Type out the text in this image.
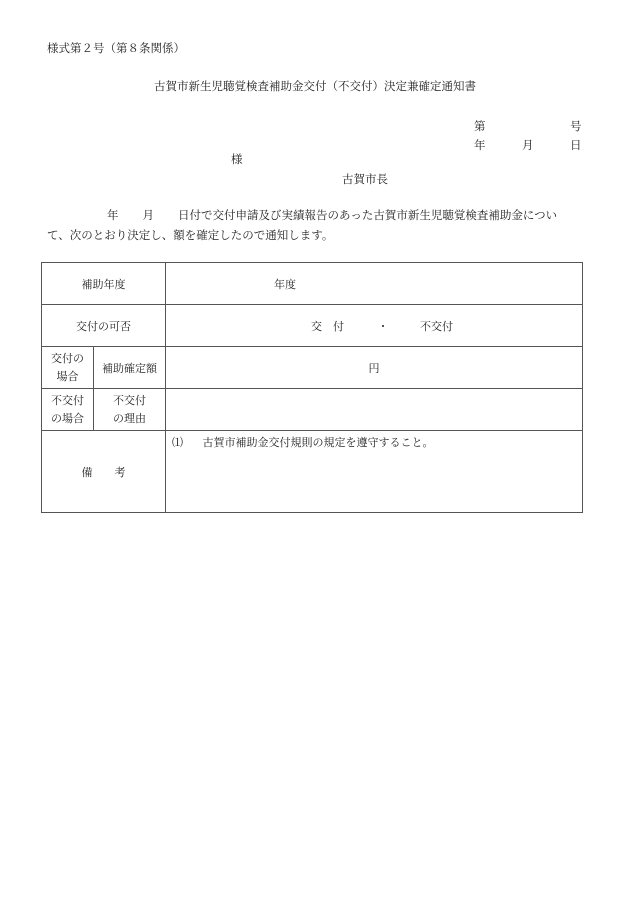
様式第２号（第８条関係）
古賀市新生児聴覚検査補助金交付（不交付）決定兼確定通知書
第	号
年	月	日
様
古賀市長
年 月 日付で交付申請及び実績報告のあった古賀市新生児聴覚検査補助金につい
て、次のとおり決定し、額を確定したので通知します。
補助年度		年度
交付の可否		交　付 ・ 不交付
交付の
場合	補助確定額	円
不交付
の場合	不交付
の理由	
備　　考		⑴ 古賀市補助金交付規則の規定を遵守すること。
